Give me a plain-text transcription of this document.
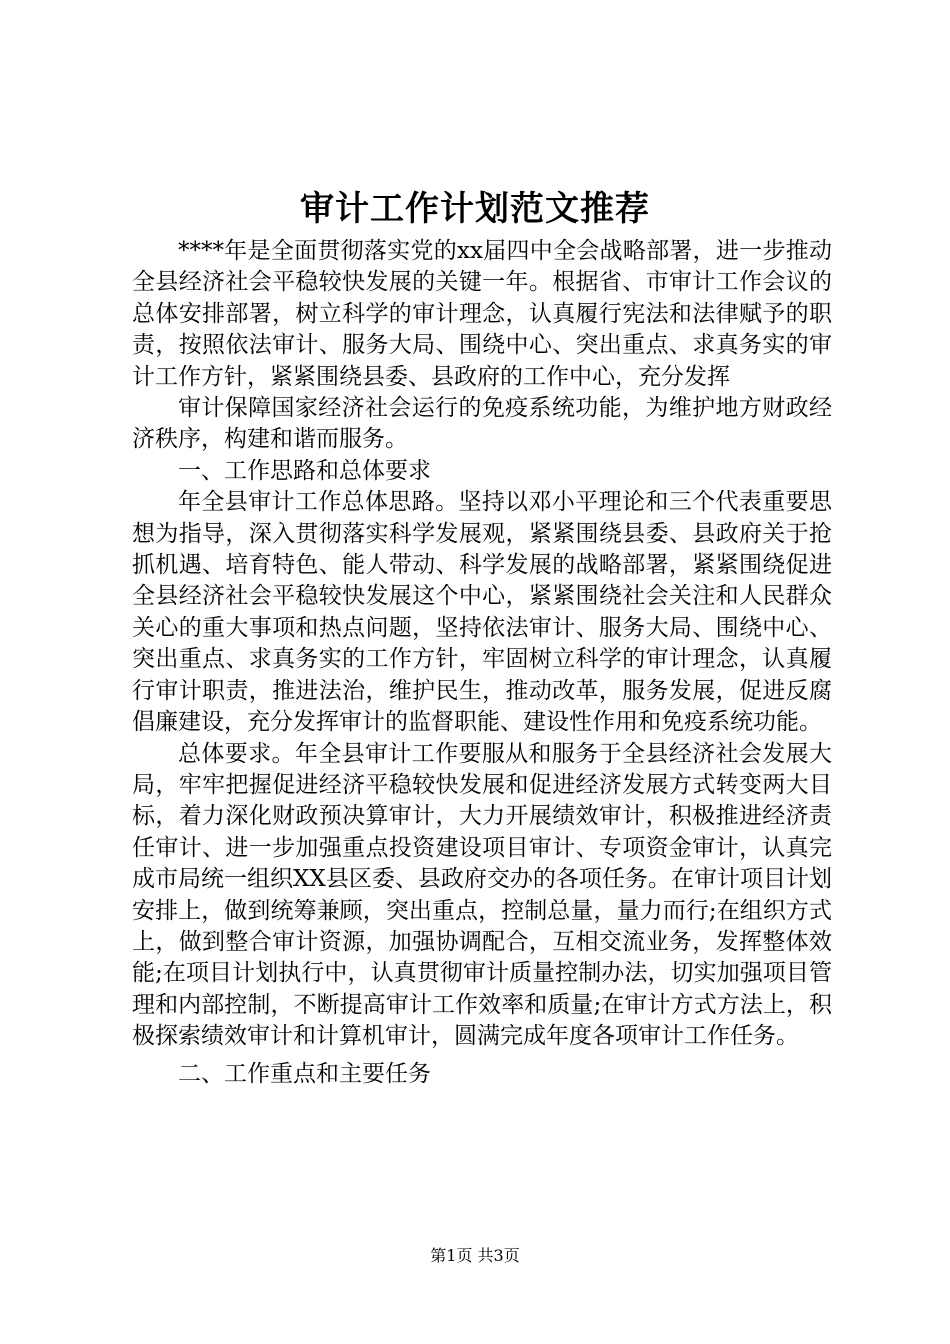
审计工作计划范文推荐

****年是全面贯彻落实党的xx届四中全会战略部署，进一步推动全县经济社会平稳较快发展的关键一年。根据省、市审计工作会议的总体安排部署，树立科学的审计理念，认真履行宪法和法律赋予的职责，按照依法审计、服务大局、围绕中心、突出重点、求真务实的审计工作方针，紧紧围绕县委、县政府的工作中心，充分发挥

审计保障国家经济社会运行的免疫系统功能，为维护地方财政经济秩序，构建和谐而服务。

一、工作思路和总体要求

年全县审计工作总体思路。坚持以邓小平理论和三个代表重要思想为指导，深入贯彻落实科学发展观，紧紧围绕县委、县政府关于抢抓机遇、培育特色、能人带动、科学发展的战略部署，紧紧围绕促进全县经济社会平稳较快发展这个中心，紧紧围绕社会关注和人民群众关心的重大事项和热点问题，坚持依法审计、服务大局、围绕中心、突出重点、求真务实的工作方针，牢固树立科学的审计理念，认真履行审计职责，推进法治，维护民生，推动改革，服务发展，促进反腐倡廉建设，充分发挥审计的监督职能、建设性作用和免疫系统功能。

总体要求。年全县审计工作要服从和服务于全县经济社会发展大局，牢牢把握促进经济平稳较快发展和促进经济发展方式转变两大目标，着力深化财政预决算审计，大力开展绩效审计，积极推进经济责任审计、进一步加强重点投资建设项目审计、专项资金审计，认真完成市局统一组织XX县区委、县政府交办的各项任务。在审计项目计划安排上，做到统筹兼顾，突出重点，控制总量，量力而行;在组织方式上，做到整合审计资源，加强协调配合，互相交流业务，发挥整体效能;在项目计划执行中，认真贯彻审计质量控制办法，切实加强项目管理和内部控制，不断提高审计工作效率和质量;在审计方式方法上，积极探索绩效审计和计算机审计，圆满完成年度各项审计工作任务。

二、工作重点和主要任务

第1页 共3页
